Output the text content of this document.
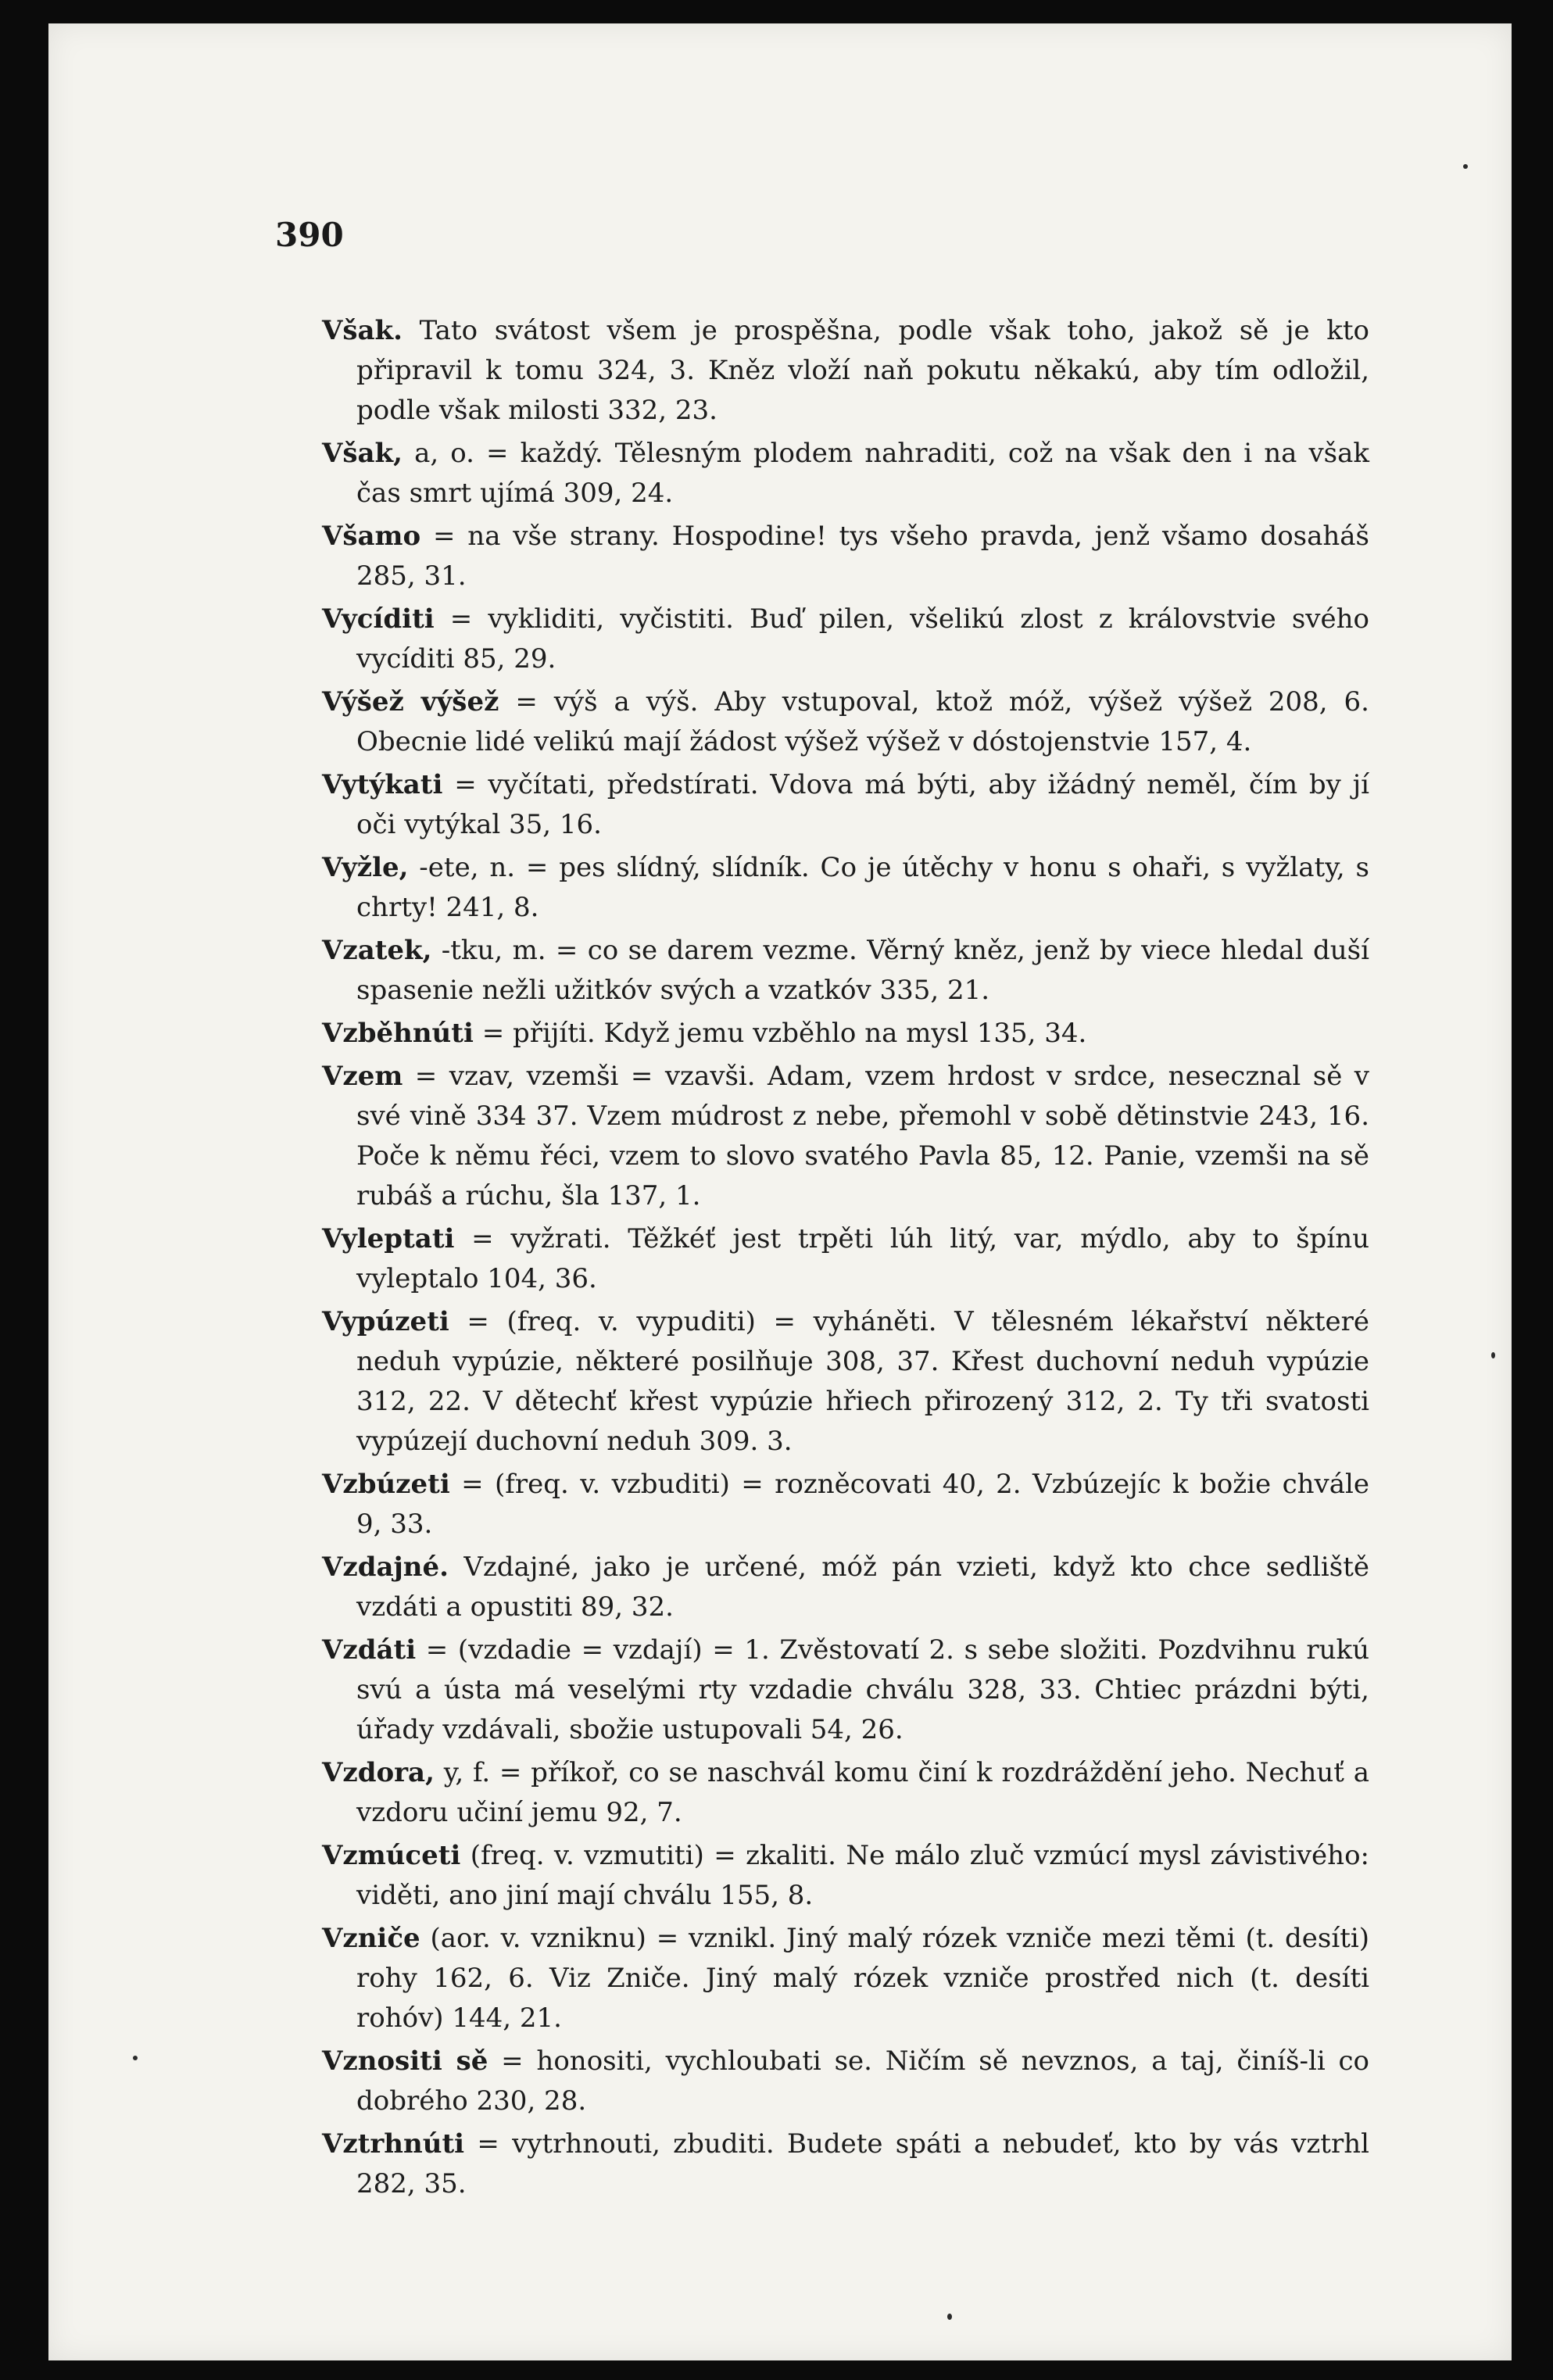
390

Však. Tato svátost všem je prospěšna, podle však toho, jakož sě je kto připravil k tomu 324, 3. Kněz vloží naň pokutu někakú, aby tím odložil, podle však milosti 332, 23.

Však, a, o. = každý. Tělesným plodem nahraditi, což na však den i na však čas smrt ujímá 309, 24.

Všamo = na vše strany. Hospodine! tys všeho pravda, jenž všamo dosaháš 285, 31.

Vycíditi = vykliditi, vyčistiti. Buď pilen, všelikú zlost z královstvie svého vycíditi 85, 29.

Výšež výšež = výš a výš. Aby vstupoval, ktož móž, výšež výšež 208, 6. Obecnie lidé velikú mají žádost výšež výšež v dóstojenstvie 157, 4.

Vytýkati = vyčítati, předstírati. Vdova má býti, aby ižádný neměl, čím by jí oči vytýkal 35, 16.

Vyžle, -ete, n. = pes slídný, slídník. Co je útěchy v honu s ohaři, s vyžlaty, s chrty! 241, 8.

Vzatek, -tku, m. = co se darem vezme. Věrný kněz, jenž by viece hledal duší spasenie nežli užitkóv svých a vzatkóv 335, 21.

Vzběhnúti = přijíti. Když jemu vzběhlo na mysl 135, 34.

Vzem = vzav, vzemši = vzavši. Adam, vzem hrdost v srdce, nesecznal sě v své vině 334 37. Vzem múdrost z nebe, přemohl v sobě dětinstvie 243, 16. Poče k němu řéci, vzem to slovo svatého Pavla 85, 12. Panie, vzemši na sě rubáš a rúchu, šla 137, 1.

Vyleptati = vyžrati. Těžkéť jest trpěti lúh litý, var, mýdlo, aby to špínu vyleptalo 104, 36.

Vypúzeti = (freq. v. vypuditi) = vyháněti. V tělesném lékařství některé neduh vypúzie, některé posilňuje 308, 37. Křest duchovní neduh vypúzie 312, 22. V dětechť křest vypúzie hřiech přirozený 312, 2. Ty tři svatosti vypúzejí duchovní neduh 309. 3.

Vzbúzeti = (freq. v. vzbuditi) = rozněcovati 40, 2. Vzbúzejíc k božie chvále 9, 33.

Vzdajné. Vzdajné, jako je určené, móž pán vzieti, když kto chce sedliště vzdáti a opustiti 89, 32.

Vzdáti = (vzdadie = vzdají) = 1. Zvěstovatí 2. s sebe složiti. Pozdvihnu rukú svú a ústa má veselými rty vzdadie chválu 328, 33. Chtiec prázdni býti, úřady vzdávali, sbožie ustupovali 54, 26.

Vzdora, y, f. = příkoř, co se naschvál komu činí k rozdráždění jeho. Nechuť a vzdoru učiní jemu 92, 7.

Vzmúceti (freq. v. vzmutiti) = zkaliti. Ne málo zluč vzmúcí mysl závistivého: viděti, ano jiní mají chválu 155, 8.

Vzniče (aor. v. vzniknu) = vznikl. Jiný malý rózek vzniče mezi těmi (t. desíti) rohy 162, 6. Viz Zniče. Jiný malý rózek vzniče prostřed nich (t. desíti rohóv) 144, 21.

Vznositi sě = honositi, vychloubati se. Ničím sě nevznos, a taj, činíš-li co dobrého 230, 28.

Vztrhnúti = vytrhnouti, zbuditi. Budete spáti a nebudeť, kto by vás vztrhl 282, 35.
